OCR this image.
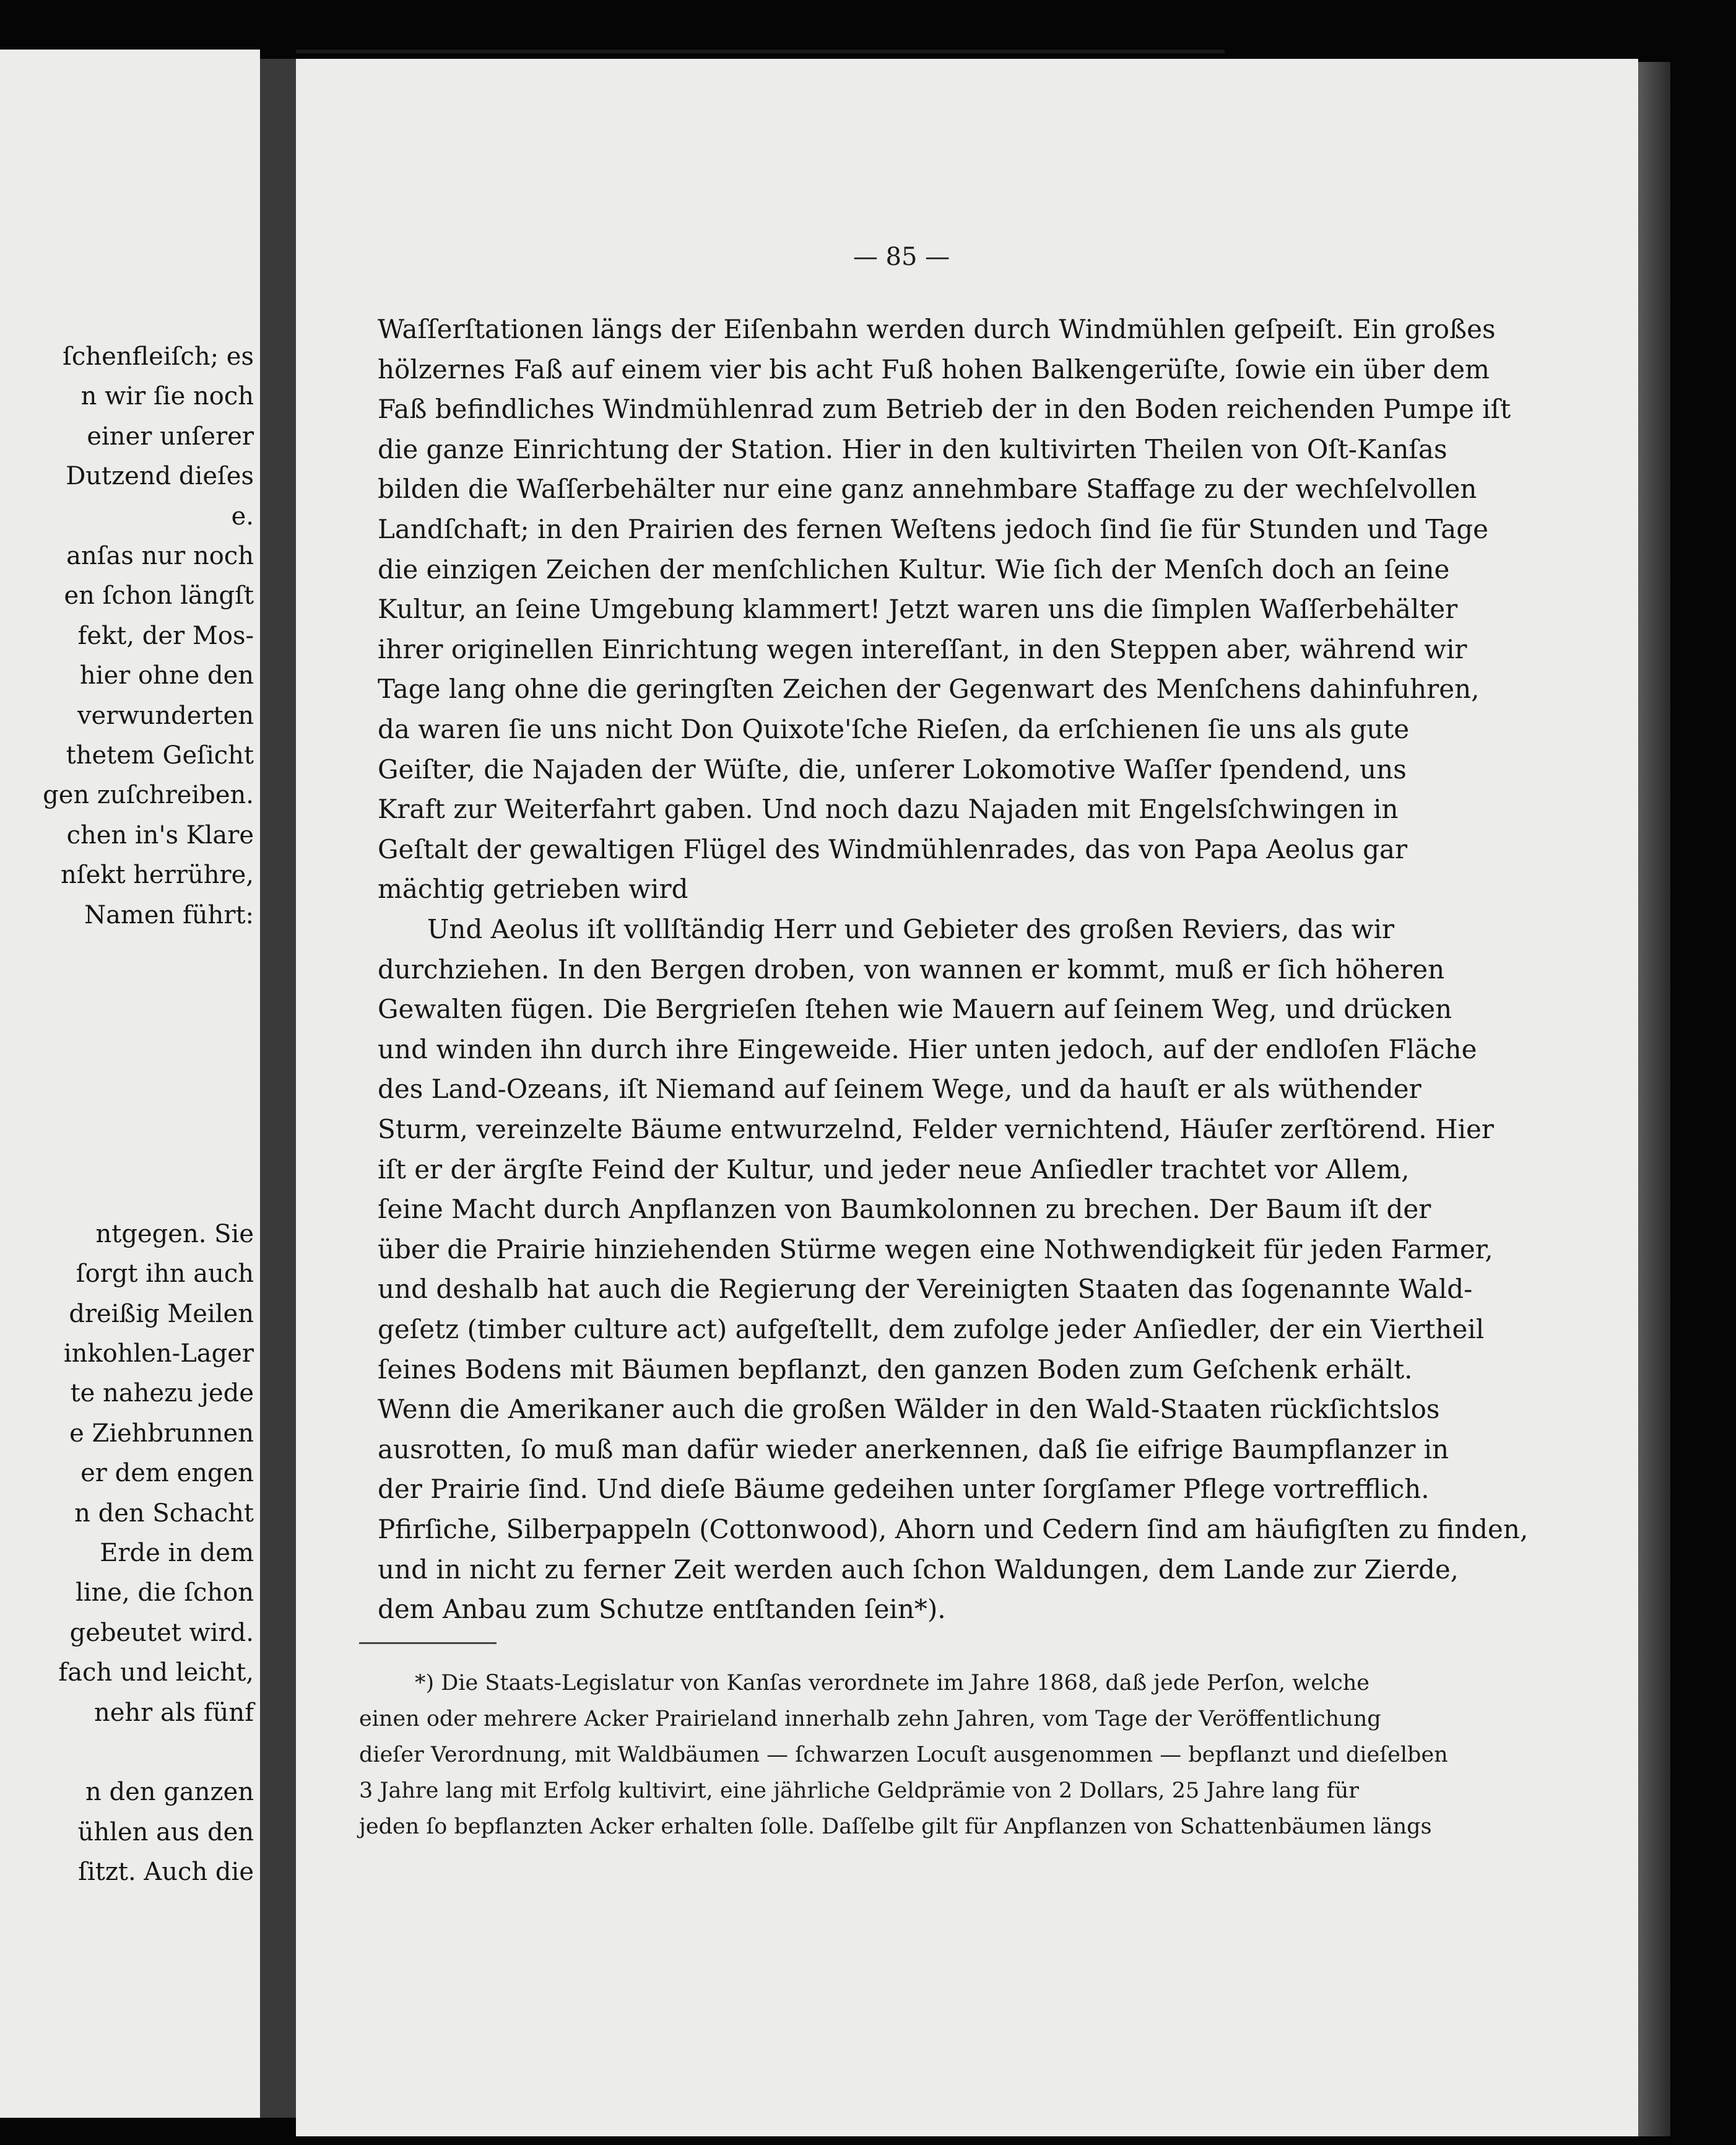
ſchenfleiſch; es
n wir ſie noch
einer unſerer
Dutzend dieſes
e.
anſas nur noch
en ſchon längſt
fekt, der Mos-
hier ohne den
verwunderten
thetem Geſicht
gen zuſchreiben.
chen in's Klare
nſekt herrühre,
Namen führt:
ntgegen. Sie
ſorgt ihn auch
dreißig Meilen
inkohlen-Lager
te nahezu jede
e Ziehbrunnen
er dem engen
n den Schacht
Erde in dem
line, die ſchon
gebeutet wird.
fach und leicht,
nehr als fünf
n den ganzen
ühlen aus den
ſitzt. Auch die
— 85 —
Waſſerſtationen längs der Eiſenbahn werden durch Windmühlen geſpeiſt. Ein großes
hölzernes Faß auf einem vier bis acht Fuß hohen Balkengerüſte, ſowie ein über dem
Faß befindliches Windmühlenrad zum Betrieb der in den Boden reichenden Pumpe iſt
die ganze Einrichtung der Station. Hier in den kultivirten Theilen von Oſt-Kanſas
bilden die Waſſerbehälter nur eine ganz annehmbare Staffage zu der wechſelvollen
Landſchaft; in den Prairien des fernen Weſtens jedoch ſind ſie für Stunden und Tage
die einzigen Zeichen der menſchlichen Kultur. Wie ſich der Menſch doch an ſeine
Kultur, an ſeine Umgebung klammert! Jetzt waren uns die ſimplen Waſſerbehälter
ihrer originellen Einrichtung wegen intereſſant, in den Steppen aber, während wir
Tage lang ohne die geringſten Zeichen der Gegenwart des Menſchens dahinfuhren,
da waren ſie uns nicht Don Quixote'ſche Rieſen, da erſchienen ſie uns als gute
Geiſter, die Najaden der Wüſte, die, unſerer Lokomotive Waſſer ſpendend, uns
Kraft zur Weiterfahrt gaben. Und noch dazu Najaden mit Engelsſchwingen in
Geſtalt der gewaltigen Flügel des Windmühlenrades, das von Papa Aeolus gar
mächtig getrieben wird
Und Aeolus iſt vollſtändig Herr und Gebieter des großen Reviers, das wir
durchziehen. In den Bergen droben, von wannen er kommt, muß er ſich höheren
Gewalten fügen. Die Bergrieſen ſtehen wie Mauern auf ſeinem Weg, und drücken
und winden ihn durch ihre Eingeweide. Hier unten jedoch, auf der endloſen Fläche
des Land-Ozeans, iſt Niemand auf ſeinem Wege, und da hauſt er als wüthender
Sturm, vereinzelte Bäume entwurzelnd, Felder vernichtend, Häuſer zerſtörend. Hier
iſt er der ärgſte Feind der Kultur, und jeder neue Anſiedler trachtet vor Allem,
ſeine Macht durch Anpflanzen von Baumkolonnen zu brechen. Der Baum iſt der
über die Prairie hinziehenden Stürme wegen eine Nothwendigkeit für jeden Farmer,
und deshalb hat auch die Regierung der Vereinigten Staaten das ſogenannte Wald-
geſetz (timber culture act) aufgeſtellt, dem zufolge jeder Anſiedler, der ein Viertheil
ſeines Bodens mit Bäumen bepflanzt, den ganzen Boden zum Geſchenk erhält.
Wenn die Amerikaner auch die großen Wälder in den Wald-Staaten rückſichtslos
ausrotten, ſo muß man dafür wieder anerkennen, daß ſie eifrige Baumpflanzer in
der Prairie ſind. Und dieſe Bäume gedeihen unter ſorgſamer Pflege vortrefflich.
Pfirſiche, Silberpappeln (Cottonwood), Ahorn und Cedern ſind am häufigſten zu finden,
und in nicht zu ferner Zeit werden auch ſchon Waldungen, dem Lande zur Zierde,
dem Anbau zum Schutze entſtanden ſein*).
*) Die Staats-Legislatur von Kanſas verordnete im Jahre 1868, daß jede Perſon, welche
einen oder mehrere Acker Prairieland innerhalb zehn Jahren, vom Tage der Veröffentlichung
dieſer Verordnung, mit Waldbäumen — ſchwarzen Locuſt ausgenommen — bepflanzt und dieſelben
3 Jahre lang mit Erfolg kultivirt, eine jährliche Geldprämie von 2 Dollars, 25 Jahre lang für
jeden ſo bepflanzten Acker erhalten ſolle. Daſſelbe gilt für Anpflanzen von Schattenbäumen längs
